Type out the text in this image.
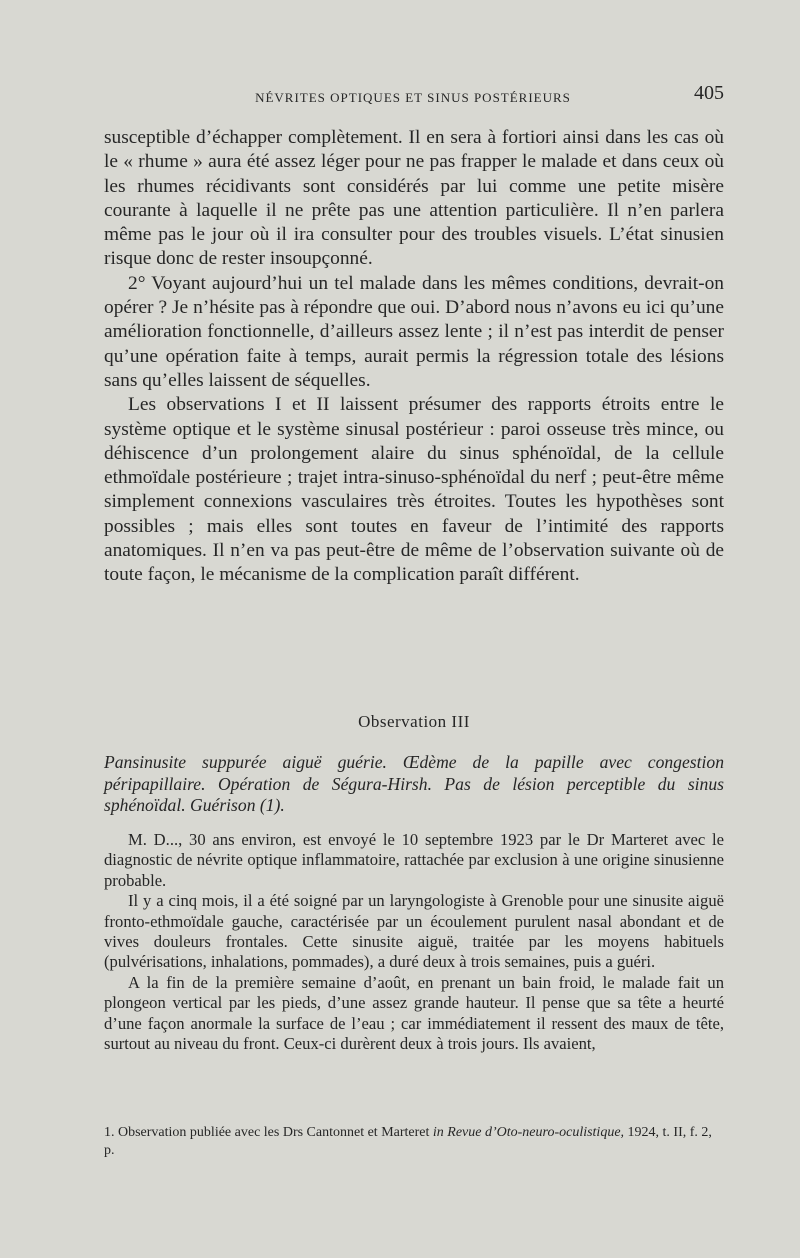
NÉVRITES OPTIQUES ET SINUS POSTÉRIEURS	405

susceptible d’échapper complètement. Il en sera à fortiori ainsi dans les cas où le « rhume » aura été assez léger pour ne pas frapper le malade et dans ceux où les rhumes récidivants sont considérés par lui comme une petite misère courante à laquelle il ne prête pas une attention particulière. Il n’en parlera même pas le jour où il ira consulter pour des troubles visuels. L’état sinusien risque donc de rester insoupçonné.

2° Voyant aujourd’hui un tel malade dans les mêmes conditions, devrait-on opérer ? Je n’hésite pas à répondre que oui. D’abord nous n’avons eu ici qu’une amélioration fonctionnelle, d’ailleurs assez lente ; il n’est pas interdit de penser qu’une opération faite à temps, aurait permis la régression totale des lésions sans qu’elles laissent de séquelles.

Les observations I et II laissent présumer des rapports étroits entre le système optique et le système sinusal postérieur : paroi osseuse très mince, ou déhiscence d’un prolongement alaire du sinus sphénoïdal, de la cellule ethmoïdale postérieure ; trajet intra-sinuso-sphénoïdal du nerf ; peut-être même simplement connexions vasculaires très étroites. Toutes les hypothèses sont possibles ; mais elles sont toutes en faveur de l’intimité des rapports anatomiques. Il n’en va pas peut-être de même de l’observation suivante où de toute façon, le mécanisme de la complication paraît différent.

Observation III
Pansinusite suppurée aiguë guérie. Œdème de la papille avec congestion péripapillaire. Opération de Ségura-Hirsh. Pas de lésion perceptible du sinus sphénoïdal. Guérison (1).

M. D..., 30 ans environ, est envoyé le 10 septembre 1923 par le Dr Marteret avec le diagnostic de névrite optique inflammatoire, rattachée par exclusion à une origine sinusienne probable.

Il y a cinq mois, il a été soigné par un laryngologiste à Grenoble pour une sinusite aiguë fronto-ethmoïdale gauche, caractérisée par un écoulement purulent nasal abondant et de vives douleurs frontales. Cette sinusite aiguë, traitée par les moyens habituels (pulvérisations, inhalations, pommades), a duré deux à trois semaines, puis a guéri.

A la fin de la première semaine d’août, en prenant un bain froid, le malade fait un plongeon vertical par les pieds, d’une assez grande hauteur. Il pense que sa tête a heurté d’une façon anormale la surface de l’eau ; car immédiatement il ressent des maux de tête, surtout au niveau du front. Ceux-ci durèrent deux à trois jours. Ils avaient,

1. Observation publiée avec les Drs Cantonnet et Marteret in Revue d’Oto-neuro-oculistique, 1924, t. II, f. 2, p.
